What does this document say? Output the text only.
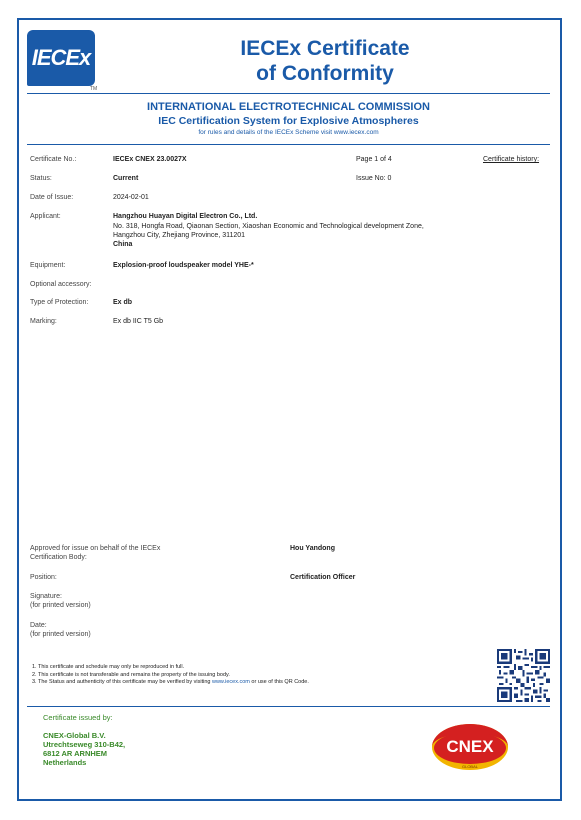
IECEx
TM
IECEx Certificate
of Conformity
INTERNATIONAL ELECTROTECHNICAL COMMISSION
IEC Certification System for Explosive Atmospheres
for rules and details of the IECEx Scheme visit www.iecex.com
Certificate No.:	IECEx CNEX 23.0027X	Page 1 of 4	Certificate history:
Status:	Current	Issue No: 0
Date of Issue:	2024-02-01
Applicant:	Hangzhou Huayan Digital Electron Co., Ltd.
No. 318, Hongfa Road, Qiaonan Section, Xiaoshan Economic and Technological development Zone,
Hangzhou City, Zhejiang Province, 311201
China
Equipment:	Explosion-proof loudspeaker model YHE-*
Optional accessory:
Type of Protection:	Ex db
Marking:	Ex db IIC T5 Gb
Approved for issue on behalf of the IECEx
Certification Body:
Hou Yandong
Position:	Certification Officer
Signature:
(for printed version)
Date:
(for printed version)
1. This certificate and schedule may only be reproduced in full.
2. This certificate is not transferable and remains the property of the issuing body.
3. The Status and authenticity of this certificate may be verified by visiting www.iecex.com or use of this QR Code.
Certificate issued by:
CNEX-Global B.V.
Utrechtseweg 310-B42,
6812 AR ARNHEM
Netherlands
CNEX
GLOBAL
